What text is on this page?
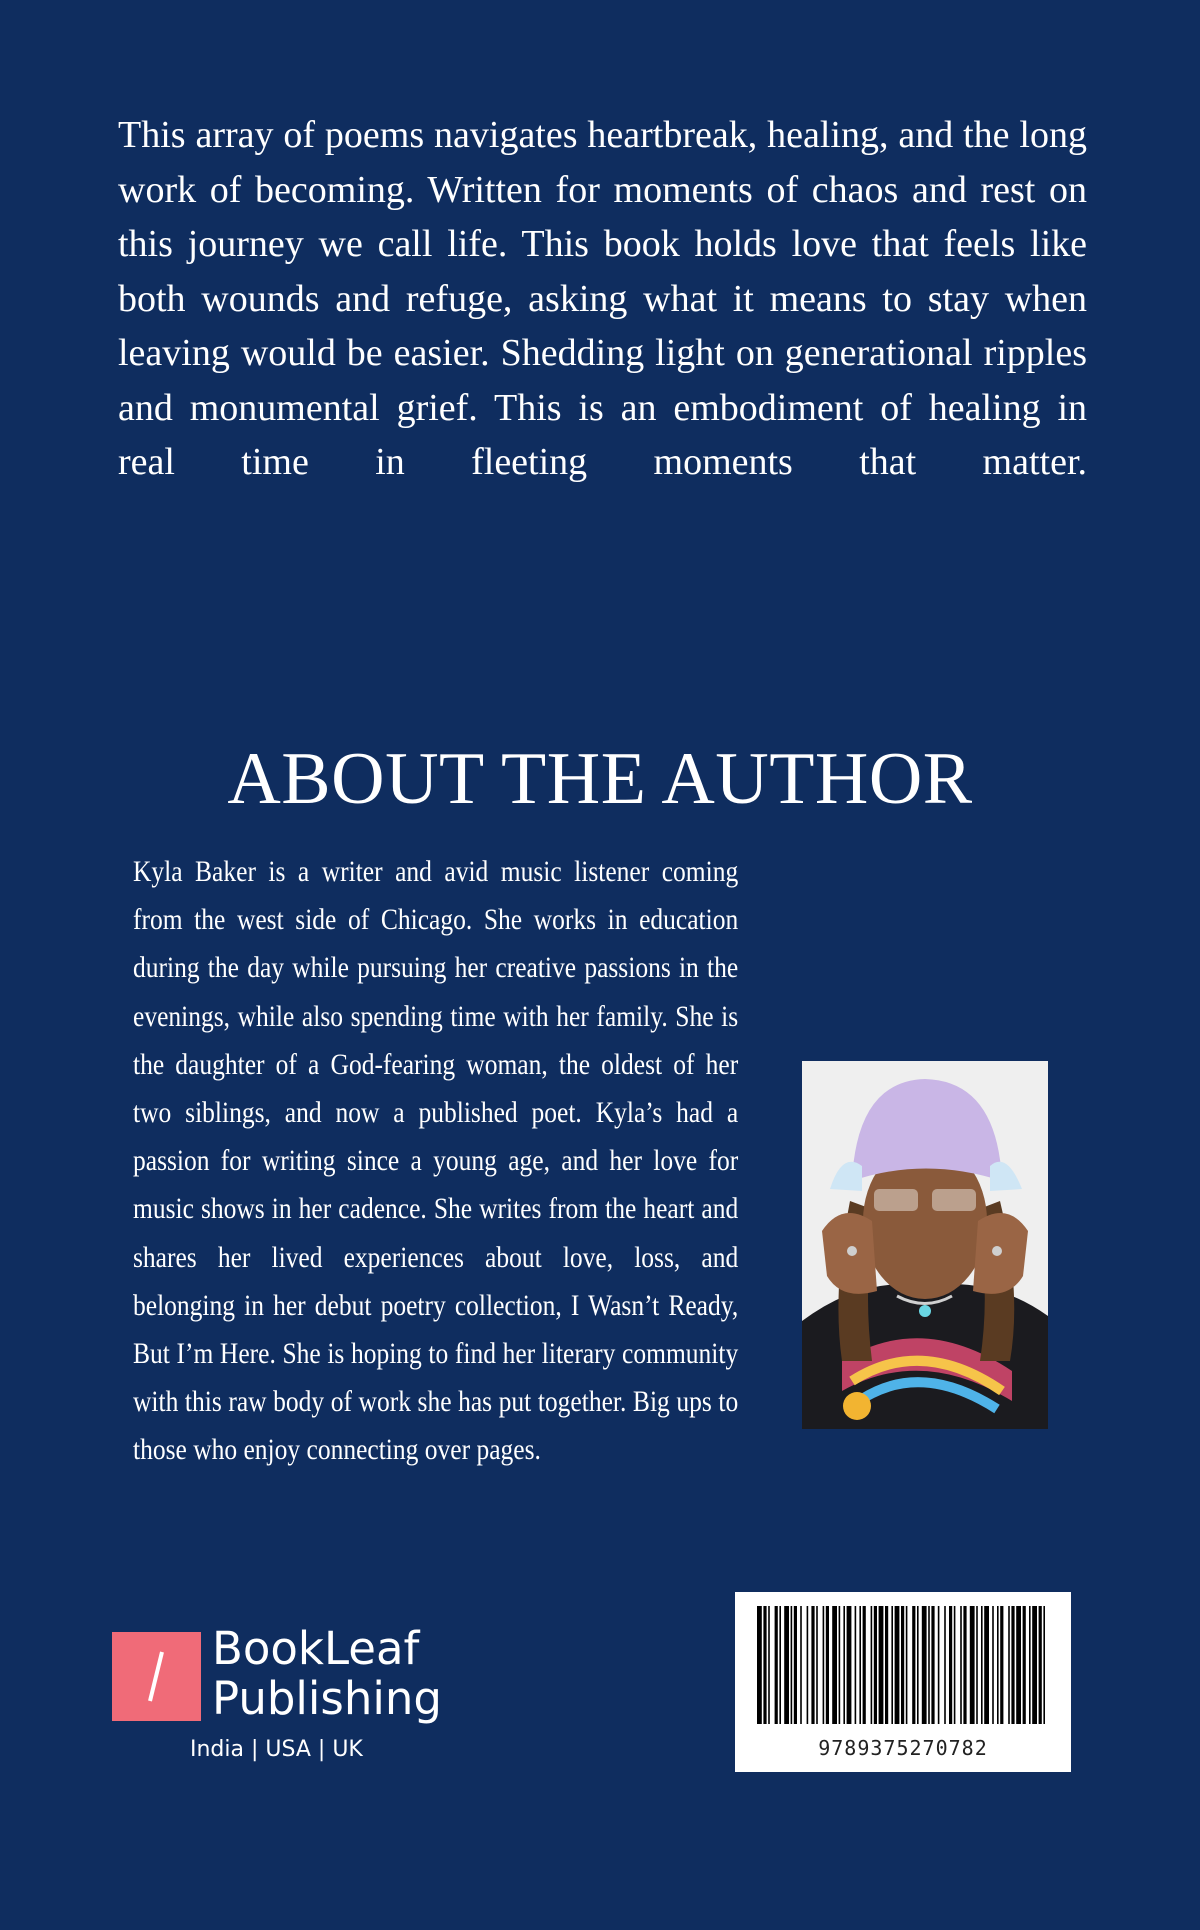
This array of poems navigates heartbreak, healing, and the long work of becoming. Written for moments of chaos and rest on this journey we call life. This book holds love that feels like both wounds and refuge, asking what it means to stay when leaving would be easier. Shedding light on generational ripples and monumental grief. This is an embodiment of healing in real time in fleeting moments that matter.
ABOUT THE AUTHOR
Kyla Baker is a writer and avid music listener coming from the west side of Chicago. She works in education during the day while pursuing her creative passions in the evenings, while also spending time with her family. She is the daughter of a God-fearing woman, the oldest of her two siblings, and now a published poet. Kyla’s had a passion for writing since a young age, and her love for music shows in her cadence. She writes from the heart and shares her lived experiences about love, loss, and belonging in her debut poetry collection, I Wasn’t Ready, But I’m Here. She is hoping to find her literary community with this raw body of work she has put together. Big ups to those who enjoy connecting over pages.
BookLeaf
Publishing
India | USA | UK	9789375270782
